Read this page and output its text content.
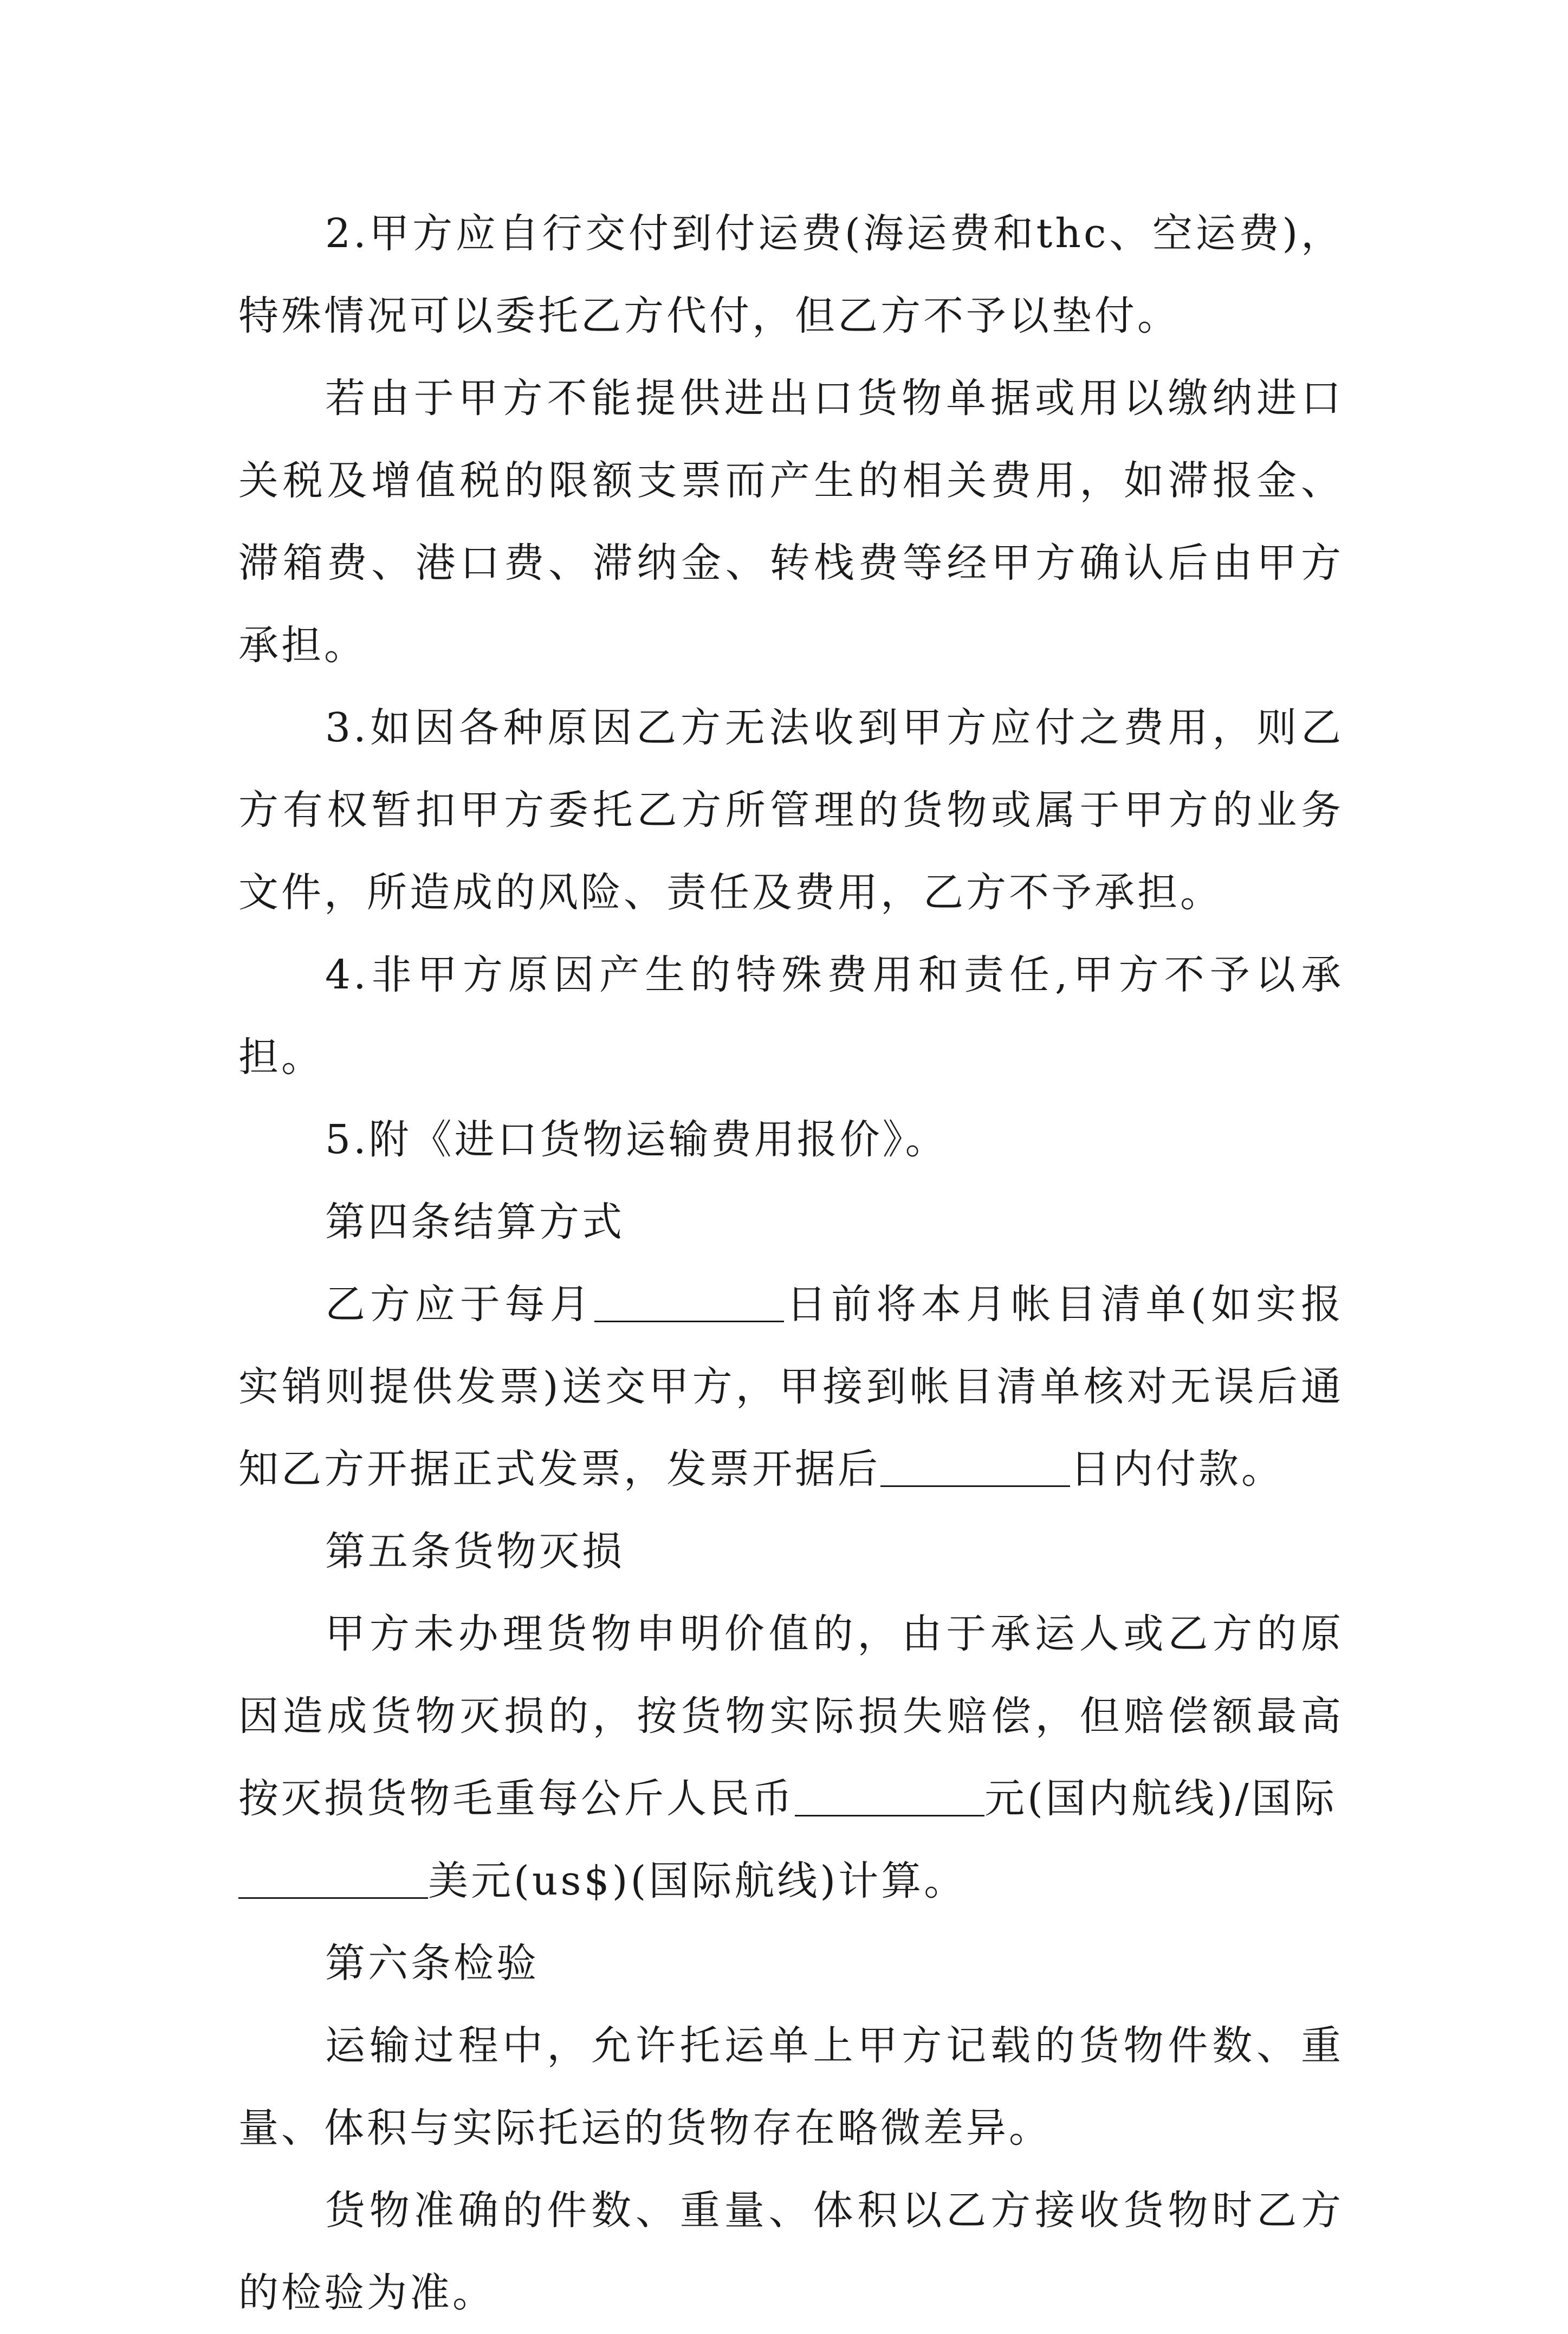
2.甲方应自行交付到付运费(海运费和thc、空运费)，特殊情况可以委托乙方代付，但乙方不予以垫付。

若由于甲方不能提供进出口货物单据或用以缴纳进口关税及增值税的限额支票而产生的相关费用，如滞报金、滞箱费、港口费、滞纳金、转栈费等经甲方确认后由甲方承担。

3.如因各种原因乙方无法收到甲方应付之费用，则乙方有权暂扣甲方委托乙方所管理的货物或属于甲方的业务文件，所造成的风险、责任及费用，乙方不予承担。

4.非甲方原因产生的特殊费用和责任,甲方不予以承担。

5.附《进口货物运输费用报价》。

第四条结算方式

乙方应于每月	日前将本月帐目清单(如实报实销则提供发票)送交甲方，甲接到帐目清单核对无误后通知乙方开据正式发票，发票开据后	日内付款。

第五条货物灭损

甲方未办理货物申明价值的，由于承运人或乙方的原因造成货物灭损的，按货物实际损失赔偿，但赔偿额最高按灭损货物毛重每公斤人民币	元(国内航线)/国际
美元(us$)(国际航线)计算。

第六条检验

运输过程中，允许托运单上甲方记载的货物件数、重量、体积与实际托运的货物存在略微差异。

货物准确的件数、重量、体积以乙方接收货物时乙方的检验为准。
